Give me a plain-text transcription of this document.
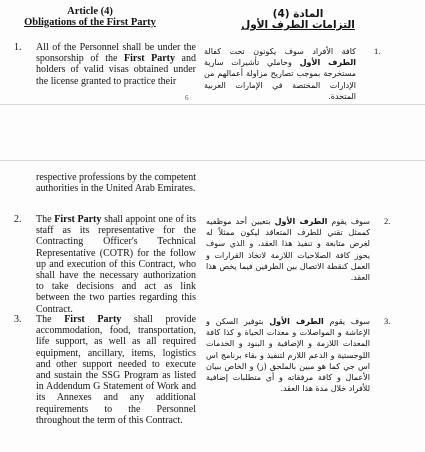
Article (4)
Obligations of the First Party
المادة (4)
التزامات الطرف الأول
1. All of the Personnel shall be under the sponsorship of the First Party and holders of valid visas obtained under the license granted to practice their
.1
كافة الأفراد سوف يكونون تحت كفالة الطرف الأول وحاملي تأشيرات سارية مستخرجة بموجب تصاريح مزاولة أعمالهم من الإدارات المختصة في الإمارات العربية المتحدة.
6
respective professions by the competent authorities in the United Arab Emirates.
2. The First Party shall appoint one of its staff as its representative for the Contracting Officer's Technical Representative (COTR) for the follow up and execution of this Contract, who shall have the necessary authorization to take decisions and act as link between the two parties regarding this Contract.
.2
سوف يقوم الطرف الأول بتعيين أحد موظفيه كممثل تقني للطرف المتعاقد ليكون ممثلاً له لغرض متابعة و تنفيذ هذا العقد، و الذي سوف يحوز كافة الصلاحيات اللازمة لاتخاذ القرارات و العمل كنقطة الاتصال بين الطرفين فيما يخص هذا العقد.
3. The First Party shall provide accommodation, food, transportation, life support, as well as all required equipment, ancillary, items, logistics and other support needed to execute and sustain the SSG Program as listed in Addendum G Statement of Work and its Annexes and any additional requirements to the Personnel throughout the term of this Contract.
.3
سوف يقوم الطرف الأول بتوفير السكن و الإعاشة و المواصلات و معدات الحياة و كذا كافة المعدات اللازمة و الإضافية و البنود و الخدمات اللوجستية و الدعم اللازم لتنفيذ و بقاء برنامج اس اس جي كما هو مبين بالملحق (ز) و الخاص ببيان الأعمال و كافة مرفقاته و أي متطلبات إضافية للأفراد خلال مدة هذا العقد.
